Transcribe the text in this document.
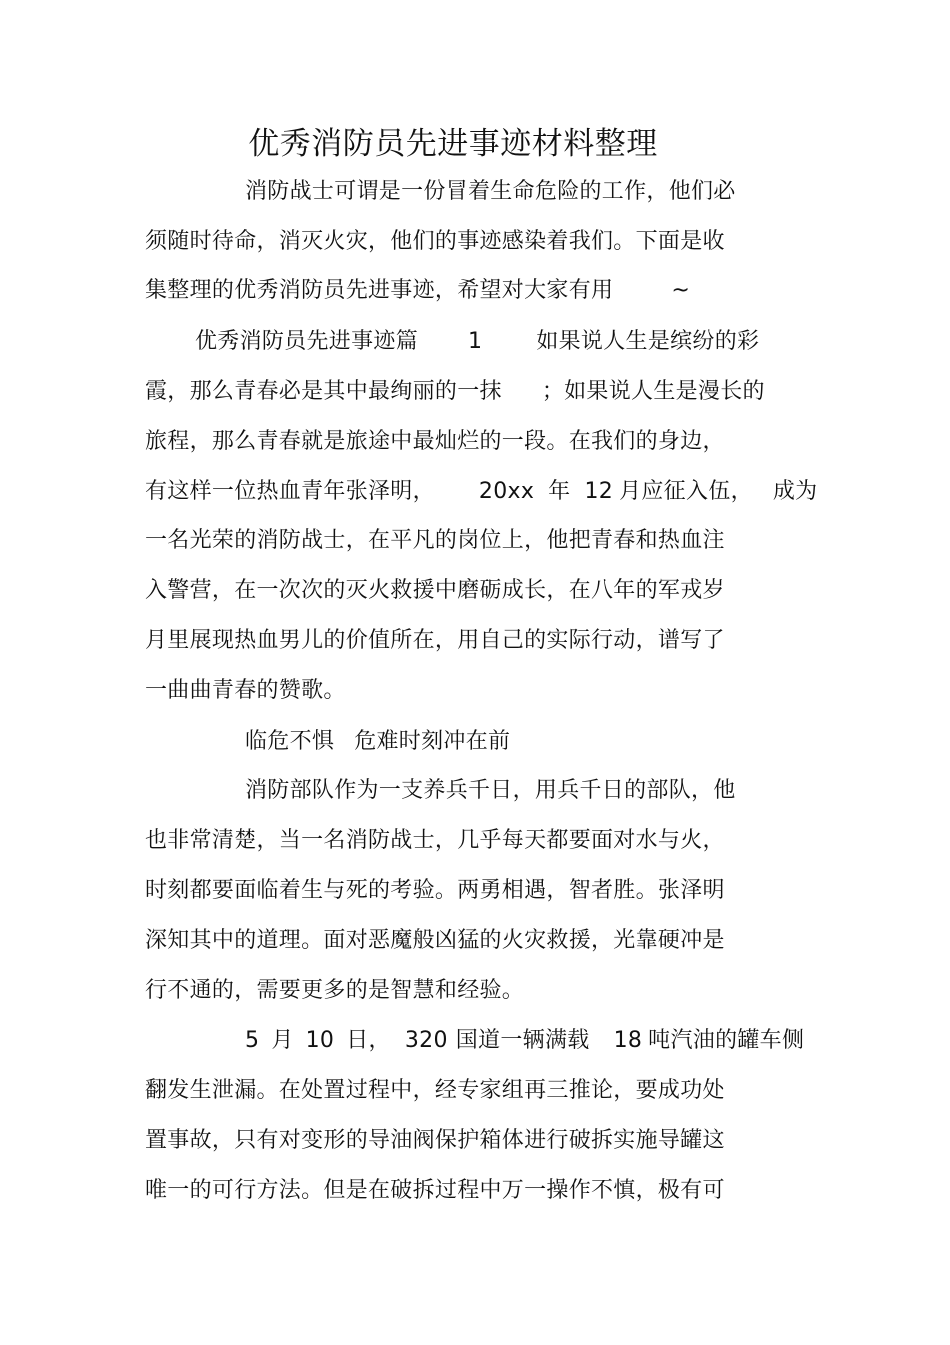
优秀消防员先进事迹材料整理
消防战士可谓是一份冒着生命危险的工作，他们必
须随时待命，消灭火灾，他们的事迹感染着我们。下面是收
集整理的优秀消防员先进事迹，希望对大家有用	~
优秀消防员先进事迹篇 1 如果说人生是缤纷的彩
霞，那么青春必是其中最绚丽的一抹 ；如果说人生是漫长的
旅程，那么青春就是旅途中最灿烂的一段。在我们的身边，
有这样一位热血青年张泽明， 20xx 年 12 月应征入伍， 成为
一名光荣的消防战士，在平凡的岗位上，他把青春和热血注
入警营，在一次次的灭火救援中磨砺成长，在八年的军戎岁
月里展现热血男儿的价值所在，用自己的实际行动，谱写了
一曲曲青春的赞歌。
临危不惧 危难时刻冲在前
消防部队作为一支养兵千日，用兵千日的部队，他
也非常清楚，当一名消防战士，几乎每天都要面对水与火，
时刻都要面临着生与死的考验。两勇相遇，智者胜。张泽明
深知其中的道理。面对恶魔般凶猛的火灾救援，光靠硬冲是
行不通的，需要更多的是智慧和经验。
5 月 10 日， 320 国道一辆满载 18 吨汽油的罐车侧
翻发生泄漏。在处置过程中，经专家组再三推论，要成功处
置事故，只有对变形的导油阀保护箱体进行破拆实施导罐这
唯一的可行方法。但是在破拆过程中万一操作不慎，极有可
